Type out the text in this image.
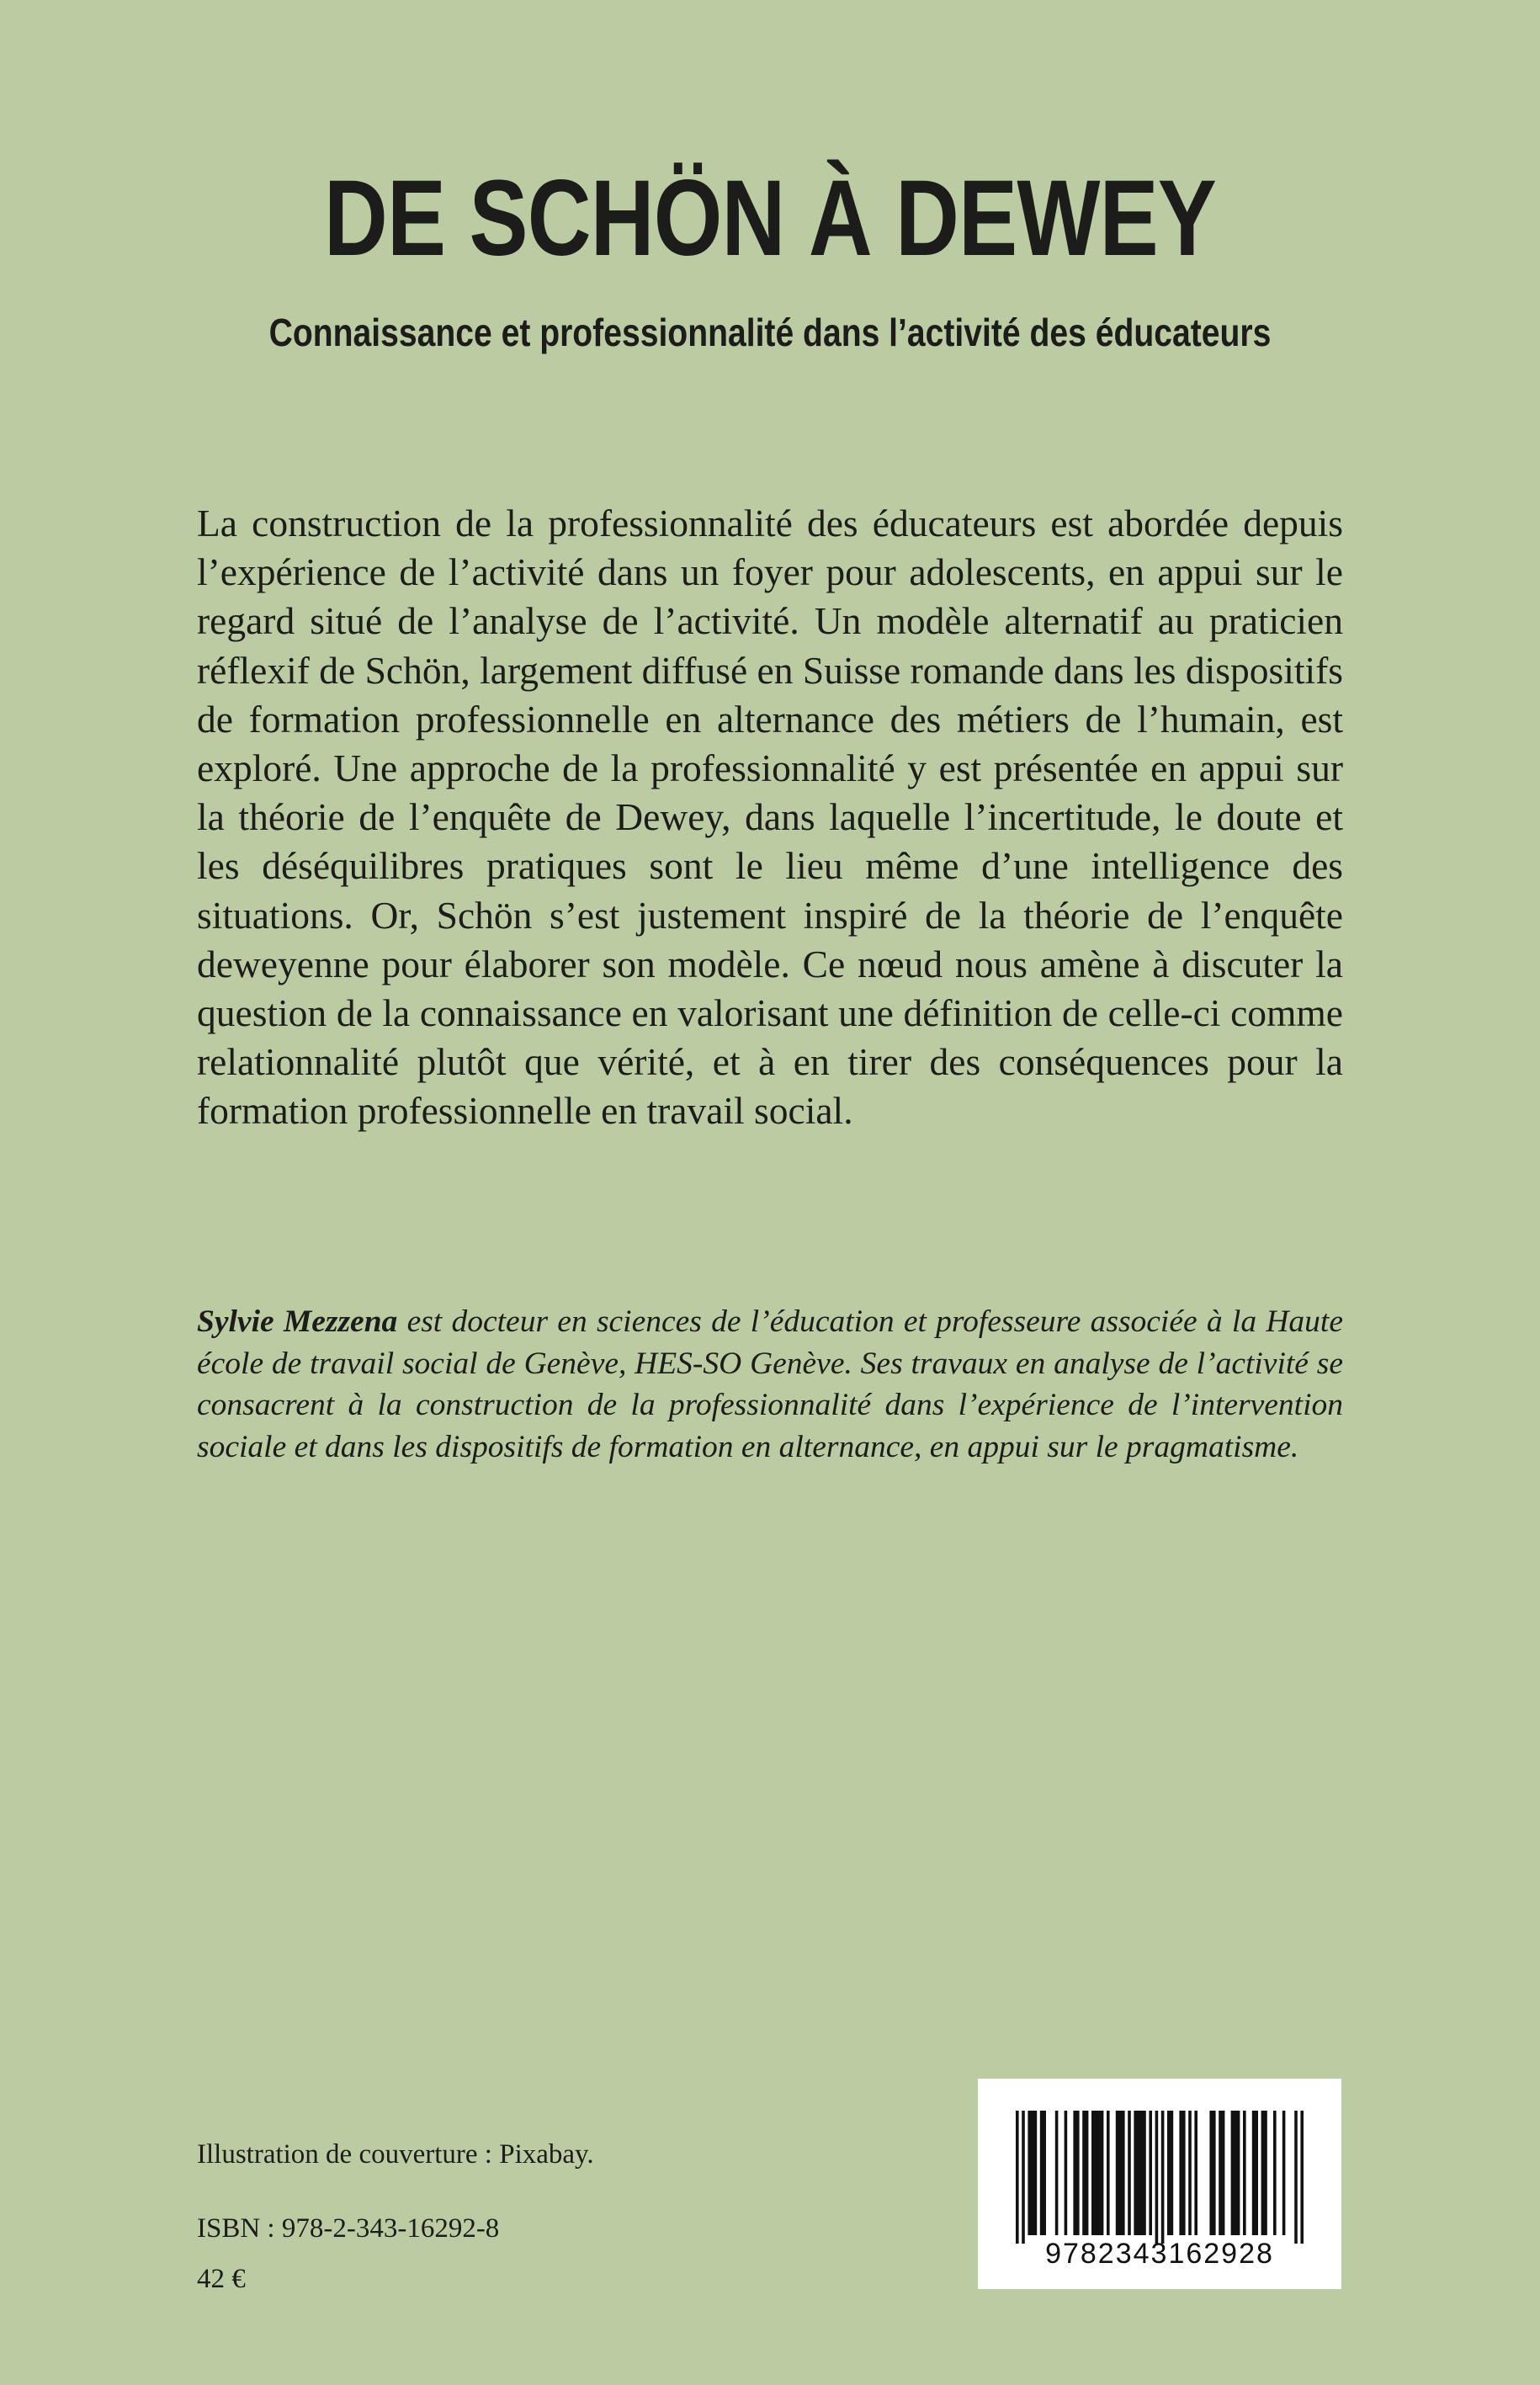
DE SCHÖN À DEWEY
Connaissance et professionnalité dans l’activité des éducateurs

La construction de la professionnalité des éducateurs est abordée depuis l’expérience de l’activité dans un foyer pour adolescents, en appui sur le regard situé de l’analyse de l’activité. Un modèle alternatif au praticien réflexif de Schön, largement diffusé en Suisse romande dans les dispositifs de formation professionnelle en alternance des métiers de l’humain, est exploré. Une approche de la professionnalité y est présentée en appui sur la théorie de l’enquête de Dewey, dans laquelle l’incertitude, le doute et les déséquilibres pratiques sont le lieu même d’une intelligence des situations. Or, Schön s’est justement inspiré de la théorie de l’enquête deweyenne pour élaborer son modèle. Ce nœud nous amène à discuter la question de la connaissance en valorisant une définition de celle-ci comme relationnalité plutôt que vérité, et à en tirer des conséquences pour la formation professionnelle en travail social.

Sylvie Mezzena est docteur en sciences de l’éducation et professeure associée à la Haute école de travail social de Genève, HES-SO Genève. Ses travaux en analyse de l’activité se consacrent à la construction de la professionnalité dans l’expérience de l’intervention sociale et dans les dispositifs de formation en alternance, en appui sur le pragmatisme.

Illustration de couverture : Pixabay.

ISBN : 978-2-343-16292-8

42 €

9782343162928
